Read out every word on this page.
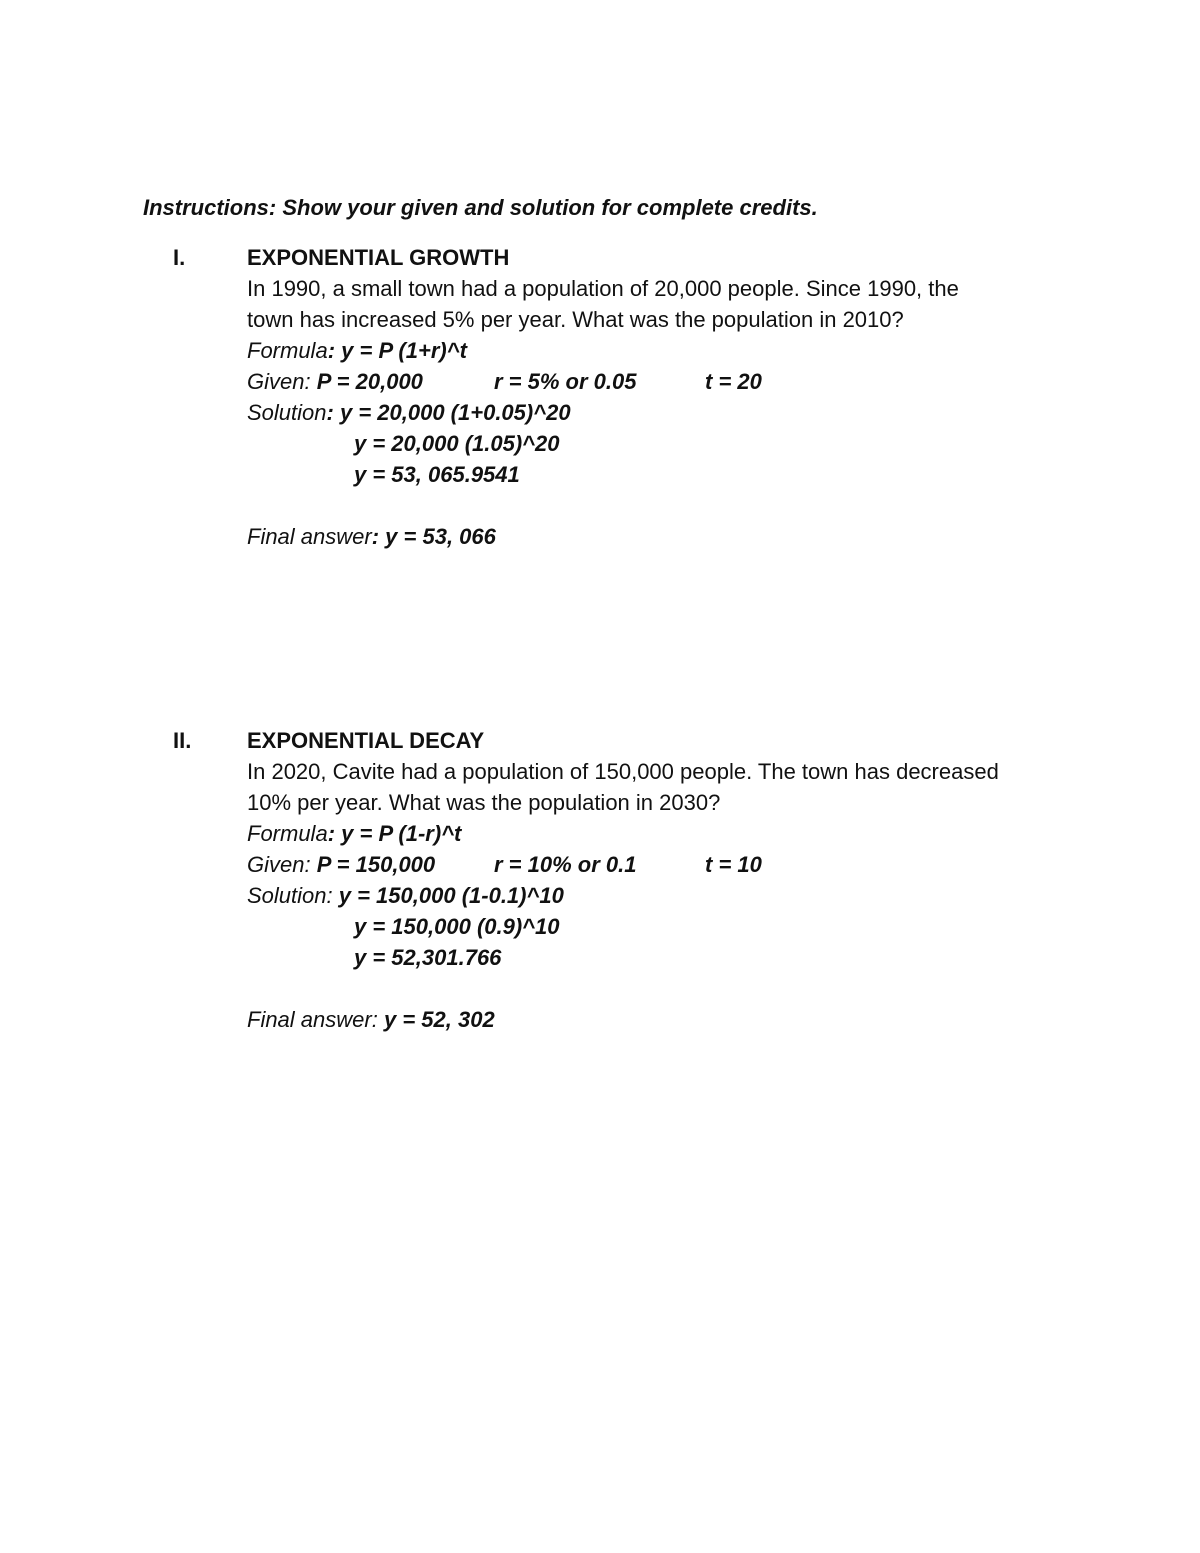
Instructions: Show your given and solution for complete credits.
I.	EXPONENTIAL GROWTH
In 1990, a small town had a population of 20,000 people. Since 1990, the
town has increased 5% per year. What was the population in 2010?
Formula: y = P (1+r)^t
Given: P = 20,000	r = 5% or 0.05	t = 20
Solution: y = 20,000 (1+0.05)^20
y = 20,000 (1.05)^20
y = 53, 065.9541
Final answer: y = 53, 066
II.	EXPONENTIAL DECAY
In 2020, Cavite had a population of 150,000 people. The town has decreased
10% per year. What was the population in 2030?
Formula: y = P (1-r)^t
Given: P = 150,000	r = 10% or 0.1	t = 10
Solution: y = 150,000 (1-0.1)^10
y = 150,000 (0.9)^10
y = 52,301.766
Final answer: y = 52, 302
